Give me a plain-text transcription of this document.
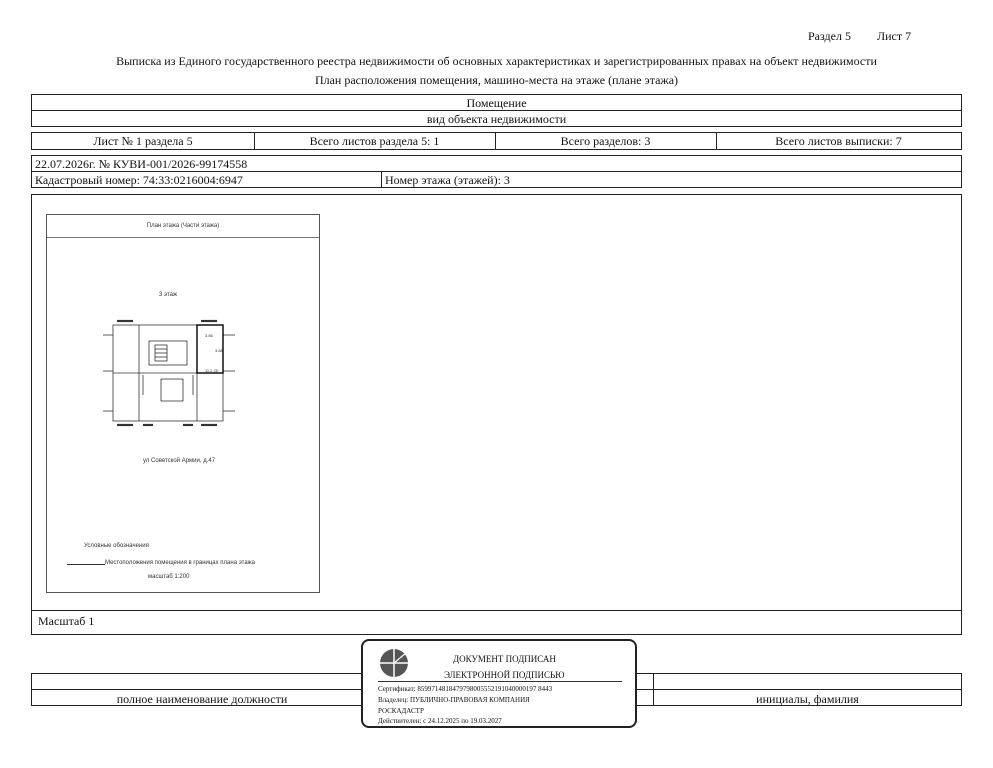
Раздел 5 Лист 7
Выписка из Единого государственного реестра недвижимости об основных характеристиках и зарегистрированных правах на объект недвижимости
План расположения помещения, машино-места на этаже (плане этажа)
Помещение
вид объекта недвижимости
Лист № 1 раздела 5	Всего листов раздела 5: 1	Всего разделов: 3	Всего листов выписки: 7
22.07.2026г. № КУВИ-001/2026-99174558
Кадастровый номер: 74:33:0216004:6947	Номер этажа (этажей): 3
Масштаб 1
План этажа (Части этажа)
3 этаж
3.86
3.88
11.2 (3)
ул Советской Армии, д.47
Условные обозначения
Местоположения помещения в границах плана этажа
масштаб 1:200
полное наименование должности	инициалы, фамилия
ДОКУМЕНТ ПОДПИСАН
ЭЛЕКТРОННОЙ ПОДПИСЬЮ
Сертификат: 8599714818479798005552191040000197 8443
Владелец: ПУБЛИЧНО-ПРАВОВАЯ КОМПАНИЯ
РОСКАДАСТР
Действителен: с 24.12.2025 по 19.03.2027
